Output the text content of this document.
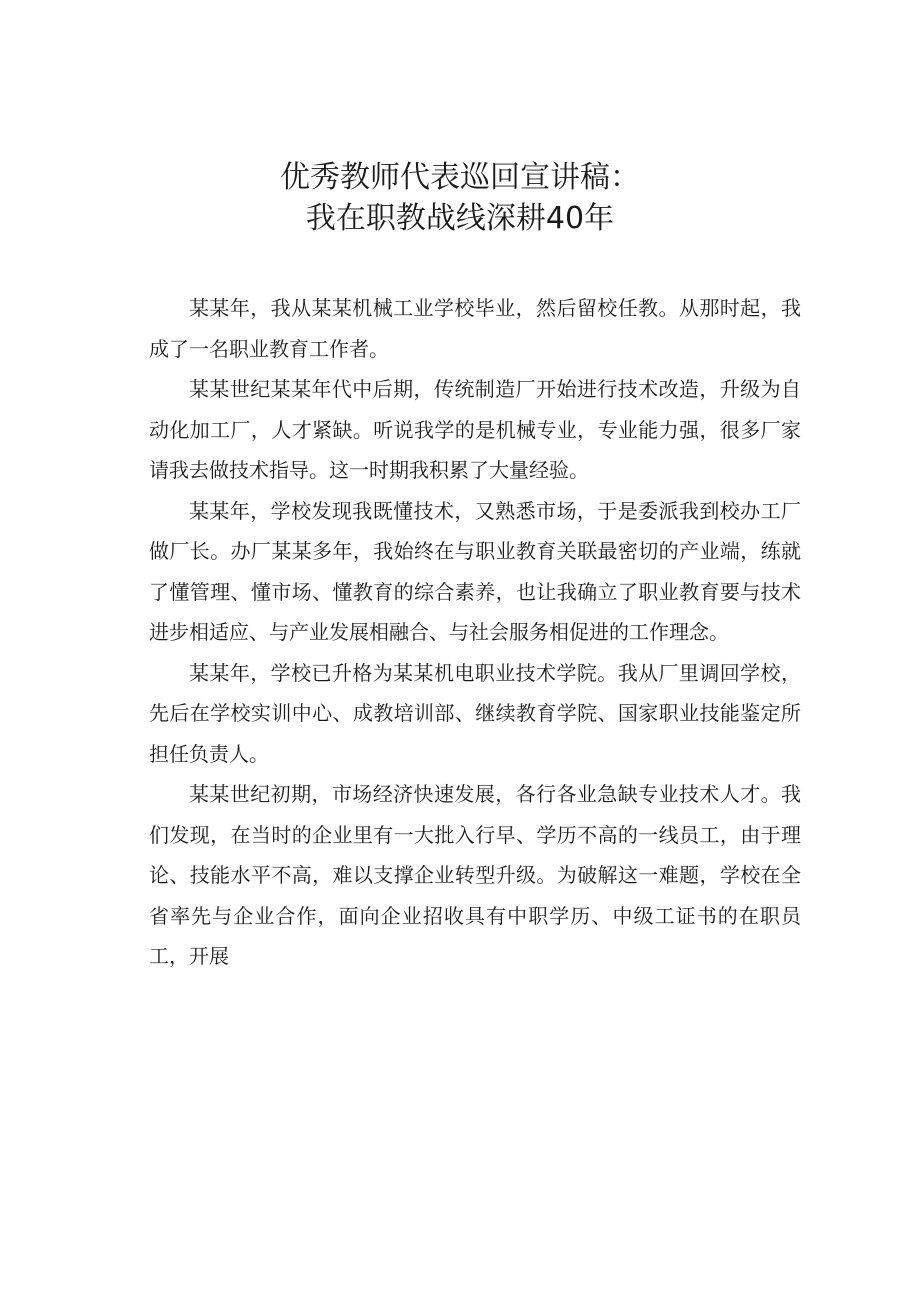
优秀教师代表巡回宣讲稿：
我在职教战线深耕40年

某某年，我从某某机械工业学校毕业，然后留校任教。从那时起，我成了一名职业教育工作者。

某某世纪某某年代中后期，传统制造厂开始进行技术改造，升级为自动化加工厂，人才紧缺。听说我学的是机械专业，专业能力强，很多厂家请我去做技术指导。这一时期我积累了大量经验。

某某年，学校发现我既懂技术，又熟悉市场，于是委派我到校办工厂做厂长。办厂某某多年，我始终在与职业教育关联最密切的产业端，练就了懂管理、懂市场、懂教育的综合素养，也让我确立了职业教育要与技术进步相适应、与产业发展相融合、与社会服务相促进的工作理念。

某某年，学校已升格为某某机电职业技术学院。我从厂里调回学校，先后在学校实训中心、成教培训部、继续教育学院、国家职业技能鉴定所担任负责人。

某某世纪初期，市场经济快速发展，各行各业急缺专业技术人才。我们发现，在当时的企业里有一大批入行早、学历不高的一线员工，由于理论、技能水平不高，难以支撑企业转型升级。为破解这一难题，学校在全省率先与企业合作，面向企业招收具有中职学历、中级工证书的在职员工，开展
